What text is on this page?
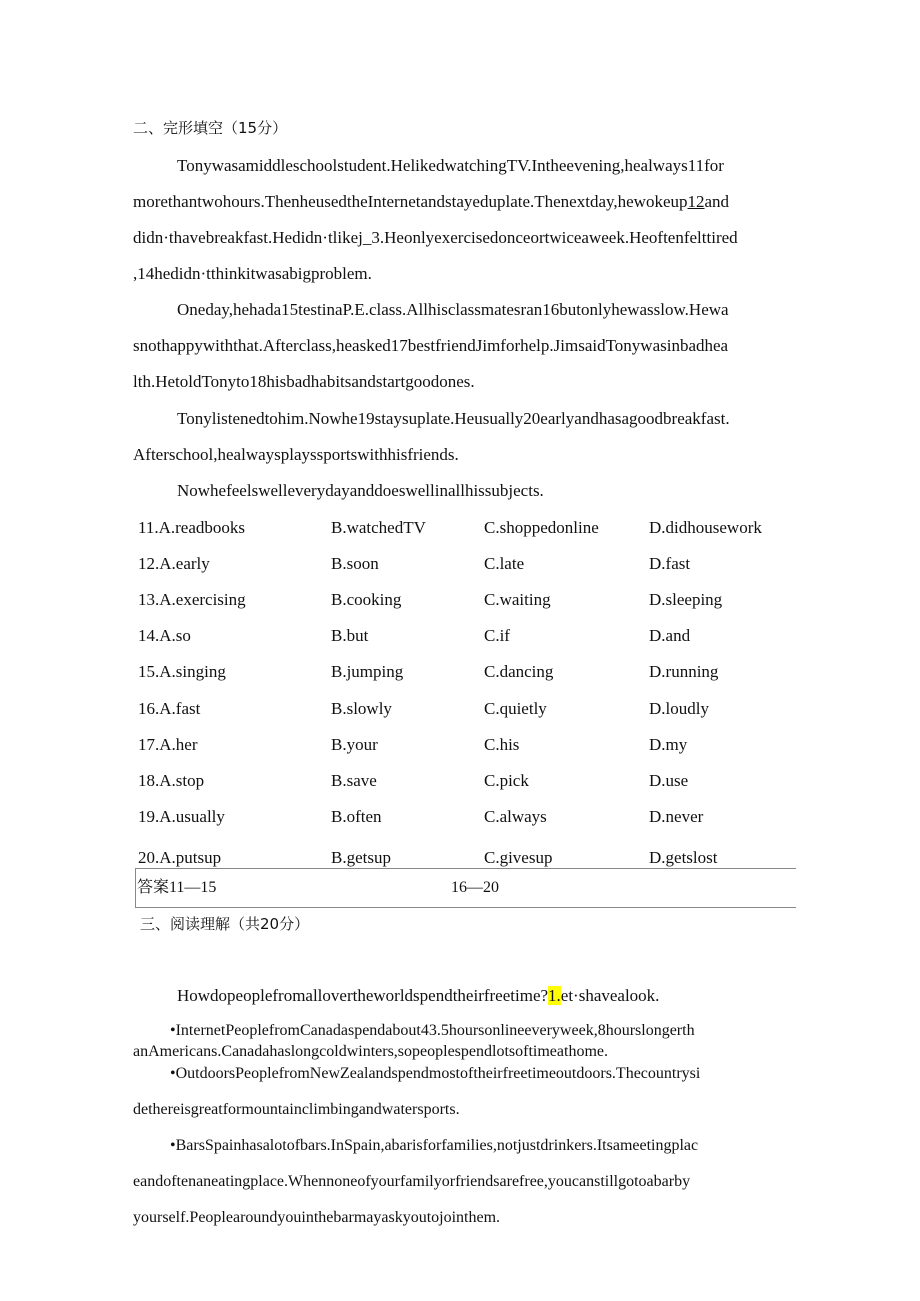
二、完形填空（15分）
Tonywasamiddleschoolstudent.HelikedwatchingTV.Intheevening,healways11for
morethantwohours.ThenheusedtheInternetandstayeduplate.Thenextday,hewokeup12and
didn·thavebreakfast.Hedidn·tlikej_3.Heonlyexercisedonceortwiceaweek.Heoftenfelttired
,14hedidn·tthinkitwasabigproblem.
Oneday,hehada15testinaP.E.class.Allhisclassmatesran16butonlyhewasslow.Hewa
snothappywiththat.Afterclass,heasked17bestfriendJimforhelp.JimsaidTonywasinbadhea
lth.HetoldTonyto18hisbadhabitsandstartgoodones.
Tonylistenedtohim.Nowhe19staysuplate.Heusually20earlyandhasagoodbreakfast.
Afterschool,healwaysplayssportswithhisfriends.
Nowhefeelswelleverydayanddoeswellinallhissubjects.
11.A.readbooks	B.watchedTV	C.shoppedonline	D.didhousework
12.A.early	B.soon	C.late	D.fast
13.A.exercising	B.cooking	C.waiting	D.sleeping
14.A.so	B.but	C.if	D.and
15.A.singing	B.jumping	C.dancing	D.running
16.A.fast	B.slowly	C.quietly	D.loudly
17.A.her	B.your	C.his	D.my
18.A.stop	B.save	C.pick	D.use
19.A.usually	B.often	C.always	D.never
20.A.putsup	B.getsup	C.givesup	D.getslost
答案11—15	16—20
三、阅读理解（共20分）
Howdopeoplefromallovertheworldspendtheirfreetime?1.et·shavealook.
•InternetPeoplefromCanadaspendabout43.5hoursonlineeveryweek,8hourslongerth
anAmericans.Canadahaslongcoldwinters,sopeoplespendlotsoftimeathome.
•OutdoorsPeoplefromNewZealandspendmostoftheirfreetimeoutdoors.Thecountrysi
dethereisgreatformountainclimbingandwatersports.
•BarsSpainhasalotofbars.InSpain,abarisforfamilies,notjustdrinkers.Itsameetingplac
eandoftenaneatingplace.Whennoneofyourfamilyorfriendsarefree,youcanstillgotoabarby
yourself.Peoplearoundyouinthebarmayaskyoutojointhem.
